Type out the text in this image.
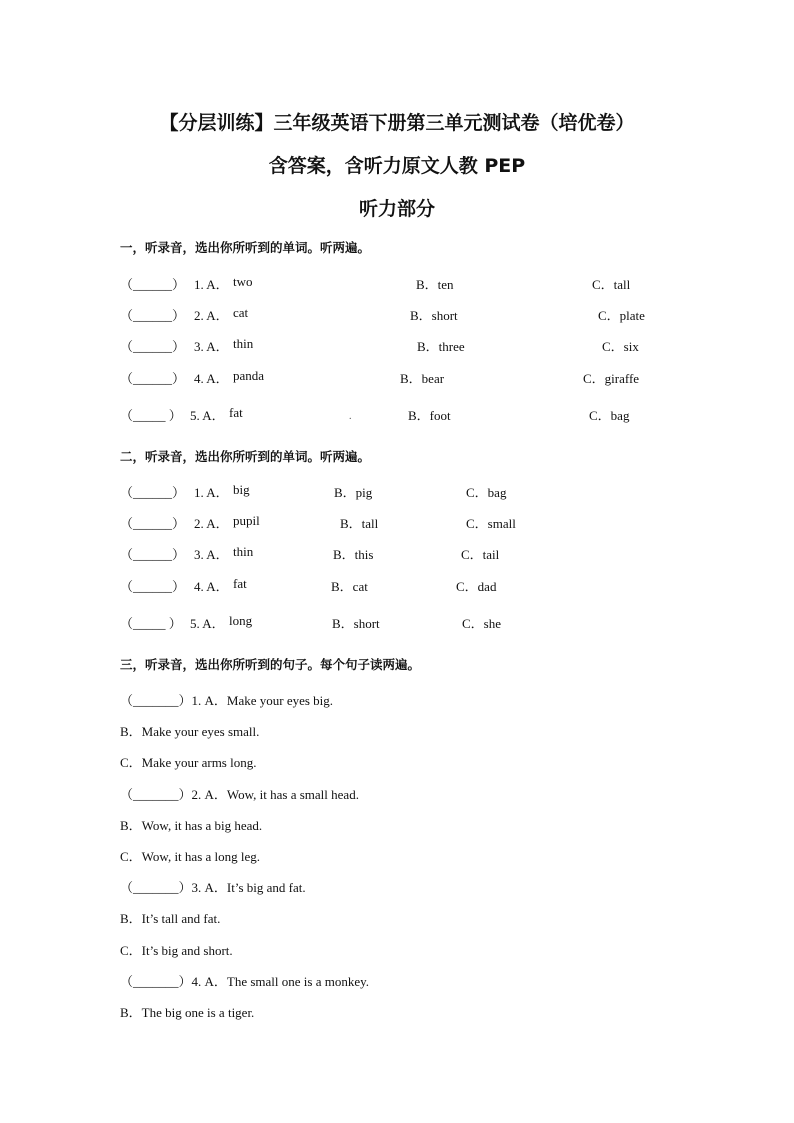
【分层训练】三年级英语下册第三单元测试卷（培优卷）
含答案，含听力原文人教 PEP
听力部分
一，听录音，选出你所听到的单词。听两遍。
（______） 1. A． two	B．ten	C．tall
（______） 2. A． cat	B．short	C．plate
（______） 3. A． thin	B．three	C．six
（______） 4. A． panda	B．bear	C．giraffe
（_____ ） 5. A． fat	B．foot	C．bag
.
二，听录音，选出你所听到的单词。听两遍。
（______） 1. A． big	B．pig	C．bag
（______） 2. A． pupil	B．tall	C．small
（______） 3. A． thin	B．this	C．tail
（______） 4. A． fat	B．cat	C．dad
（_____ ） 5. A． long	B．short	C．she
三，听录音，选出你所听到的句子。每个句子读两遍。
（_______）1. A．Make your eyes big.
B．Make your eyes small.
C．Make your arms long.
（_______）2. A．Wow, it has a small head.
B．Wow, it has a big head.
C．Wow, it has a long leg.
（_______）3. A．It’s big and fat.
B．It’s tall and fat.
C．It’s big and short.
（_______）4. A．The small one is a monkey.
B．The big one is a tiger.
